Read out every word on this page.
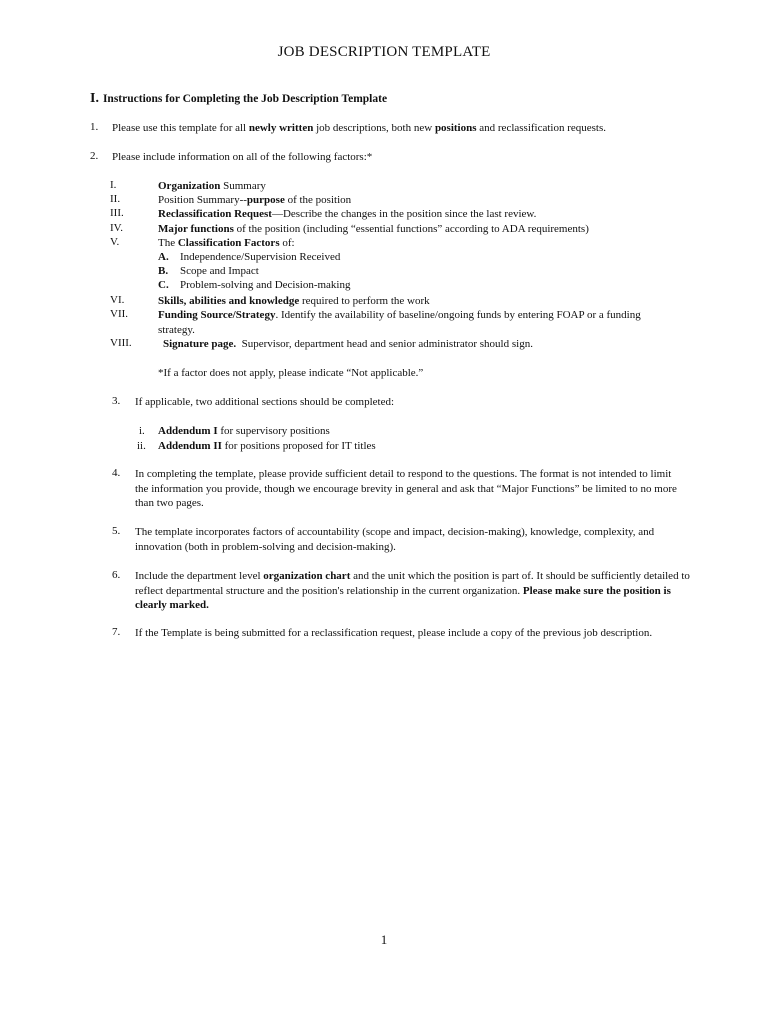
JOB DESCRIPTION TEMPLATE
I. Instructions for Completing the Job Description Template
1.	Please use this template for all newly written job descriptions, both new positions and reclassification requests.
2.	Please include information on all of the following factors:*
I.	Organization Summary
II.	Position Summary--purpose of the position
III.	Reclassification Request—Describe the changes in the position since the last review.
IV.	Major functions of the position (including “essential functions” according to ADA requirements)
V.	The Classification Factors of:
A. Independence/Supervision Received
B. Scope and Impact
C. Problem-solving and Decision-making
VI.	Skills, abilities and knowledge required to perform the work
VII.	Funding Source/Strategy. Identify the availability of baseline/ongoing funds by entering FOAP or a funding strategy.
VIII.	Signature page.  Supervisor, department head and senior administrator should sign.
*If a factor does not apply, please indicate “Not applicable.”
3.	If applicable, two additional sections should be completed:
i. Addendum I for supervisory positions
ii. Addendum II for positions proposed for IT titles
4.	In completing the template, please provide sufficient detail to respond to the questions. The format is not intended to limit the information you provide, though we encourage brevity in general and ask that “Major Functions” be limited to no more than two pages.
5.	The template incorporates factors of accountability (scope and impact, decision-making), knowledge, complexity, and innovation (both in problem-solving and decision-making).
6.	Include the department level organization chart and the unit which the position is part of. It should be sufficiently detailed to reflect departmental structure and the position's relationship in the current organization. Please make sure the position is clearly marked.
7.	If the Template is being submitted for a reclassification request, please include a copy of the previous job description.
1
